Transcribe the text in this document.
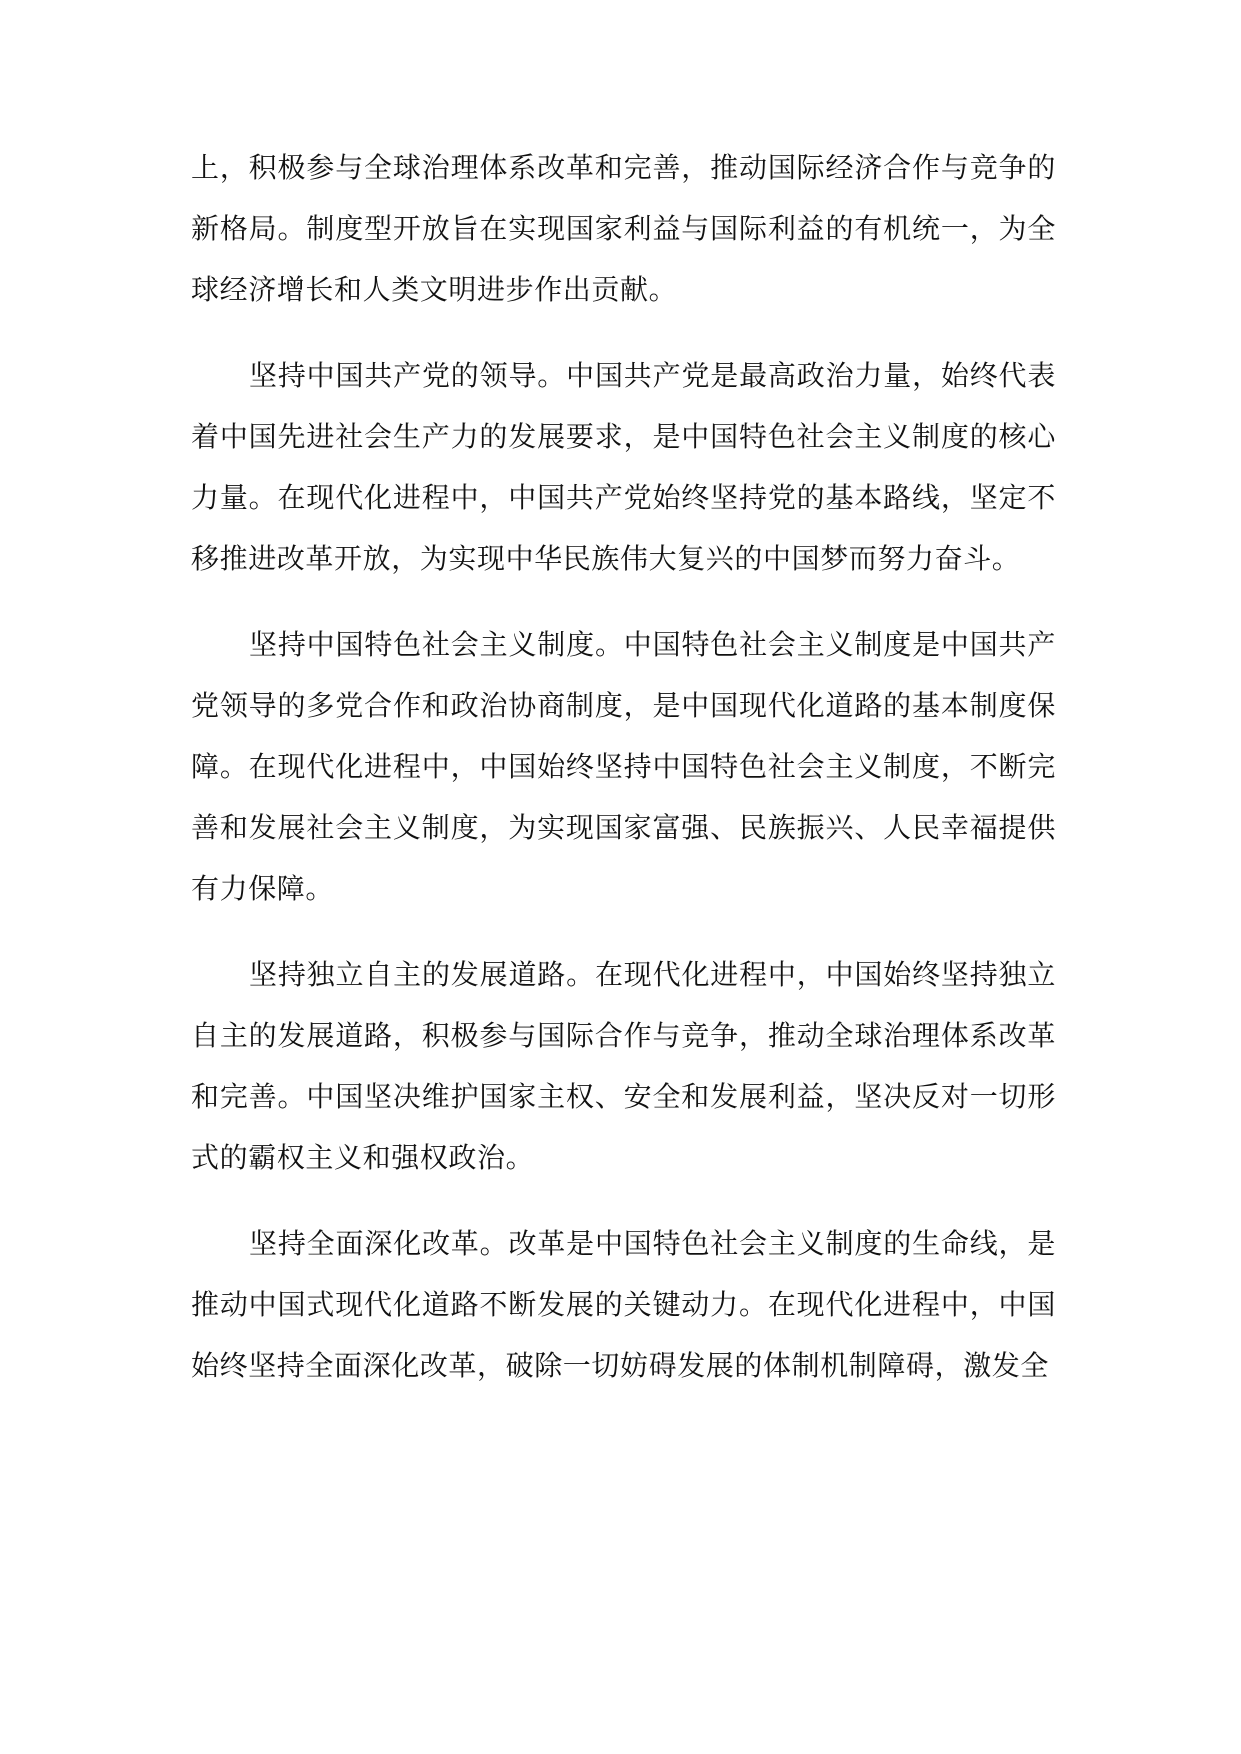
上，积极参与全球治理体系改革和完善，推动国际经济合作与竞争的新格局。制度型开放旨在实现国家利益与国际利益的有机统一，为全球经济增长和人类文明进步作出贡献。

坚持中国共产党的领导。中国共产党是最高政治力量，始终代表着中国先进社会生产力的发展要求，是中国特色社会主义制度的核心力量。在现代化进程中，中国共产党始终坚持党的基本路线，坚定不移推进改革开放，为实现中华民族伟大复兴的中国梦而努力奋斗。

坚持中国特色社会主义制度。中国特色社会主义制度是中国共产党领导的多党合作和政治协商制度，是中国现代化道路的基本制度保障。在现代化进程中，中国始终坚持中国特色社会主义制度，不断完善和发展社会主义制度，为实现国家富强、民族振兴、人民幸福提供有力保障。

坚持独立自主的发展道路。在现代化进程中，中国始终坚持独立自主的发展道路，积极参与国际合作与竞争，推动全球治理体系改革和完善。中国坚决维护国家主权、安全和发展利益，坚决反对一切形式的霸权主义和强权政治。

坚持全面深化改革。改革是中国特色社会主义制度的生命线，是推动中国式现代化道路不断发展的关键动力。在现代化进程中，中国始终坚持全面深化改革，破除一切妨碍发展的体制机制障碍，激发全
